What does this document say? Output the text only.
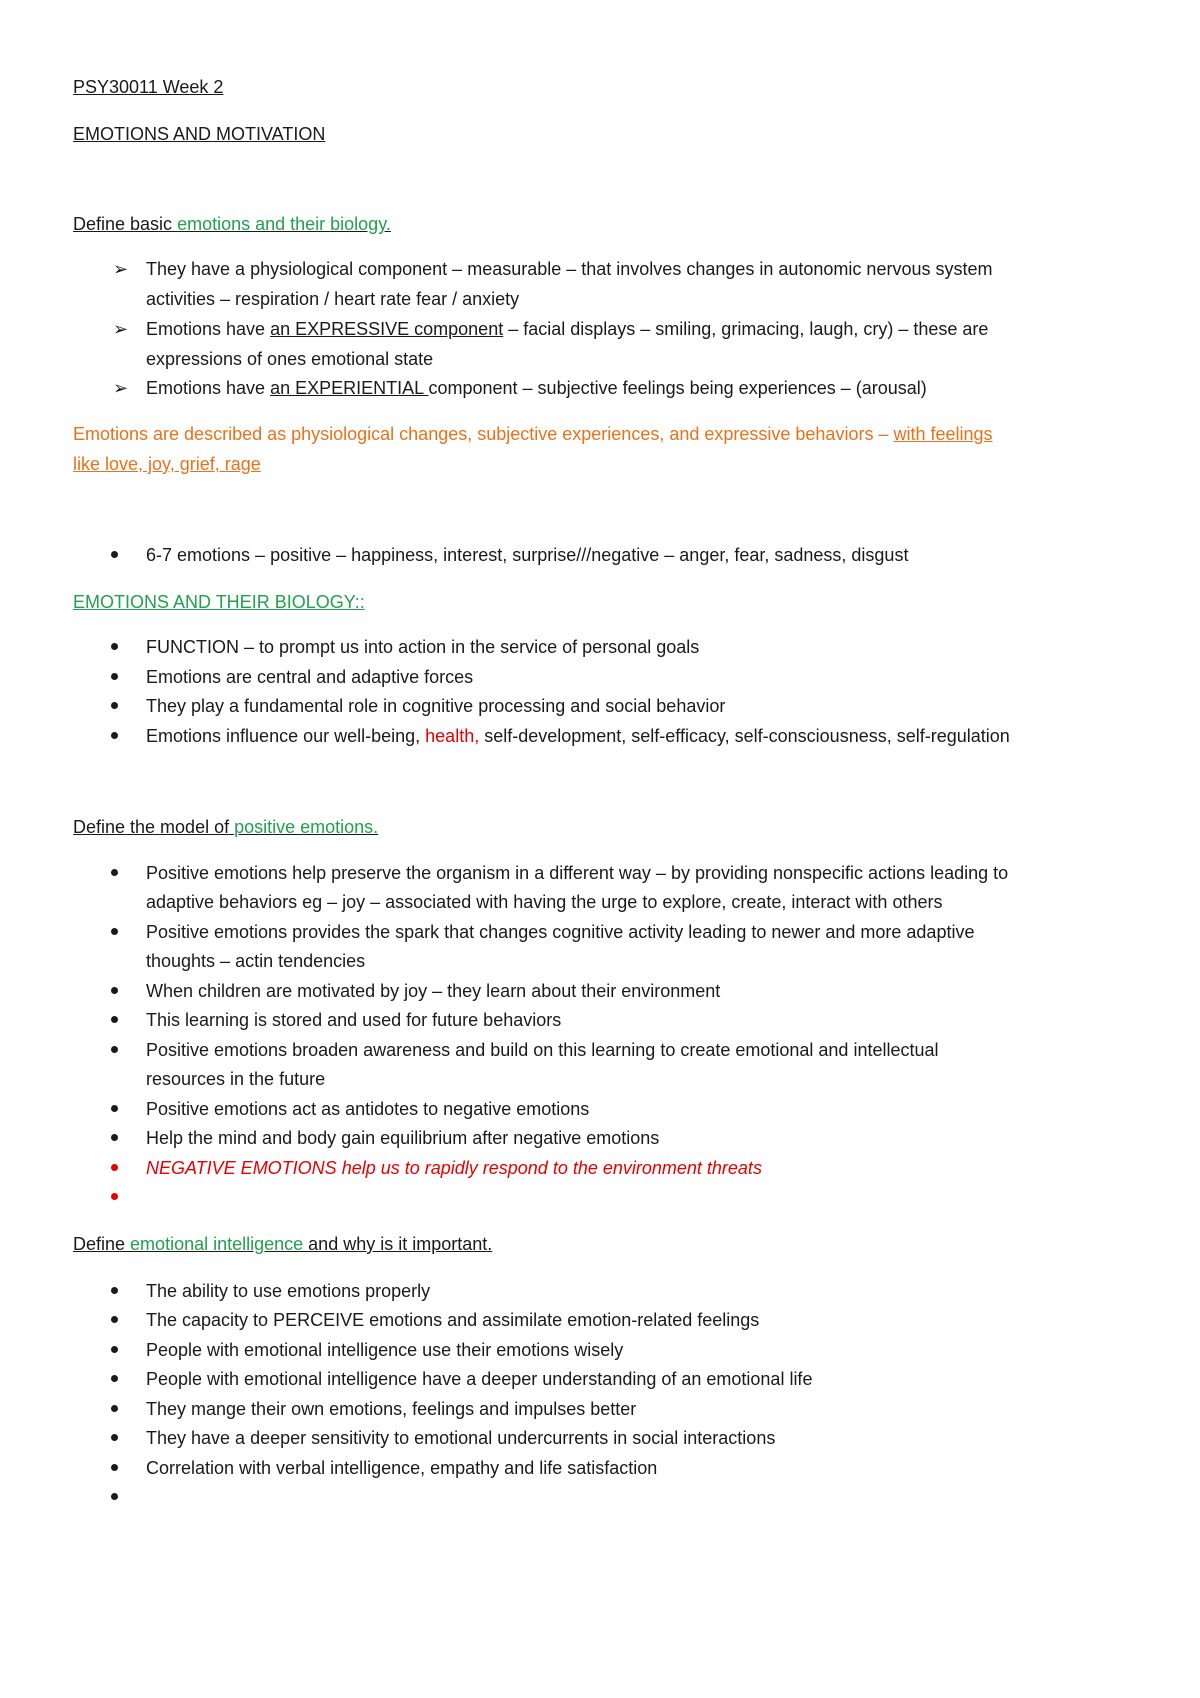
PSY30011 Week 2
EMOTIONS AND MOTIVATION
Define basic emotions and their biology.
➢ They have a physiological component – measurable – that involves changes in autonomic nervous system
activities – respiration / heart rate fear / anxiety
➢ Emotions have an EXPRESSIVE component – facial displays – smiling, grimacing, laugh, cry) – these are
expressions of ones emotional state
➢ Emotions have an EXPERIENTIAL component – subjective feelings being experiences – (arousal)
Emotions are described as physiological changes, subjective experiences, and expressive behaviors – with feelings
like love, joy, grief, rage
6-7 emotions – positive – happiness, interest, surprise///negative – anger, fear, sadness, disgust
EMOTIONS AND THEIR BIOLOGY::
FUNCTION – to prompt us into action in the service of personal goals
Emotions are central and adaptive forces
They play a fundamental role in cognitive processing and social behavior
Emotions influence our well-being, health, self-development, self-efficacy, self-consciousness, self-regulation
Define the model of positive emotions.
Positive emotions help preserve the organism in a different way – by providing nonspecific actions leading to
adaptive behaviors eg – joy – associated with having the urge to explore, create, interact with others
Positive emotions provides the spark that changes cognitive activity leading to newer and more adaptive
thoughts – actin tendencies
When children are motivated by joy – they learn about their environment
This learning is stored and used for future behaviors
Positive emotions broaden awareness and build on this learning to create emotional and intellectual
resources in the future
Positive emotions act as antidotes to negative emotions
Help the mind and body gain equilibrium after negative emotions
NEGATIVE EMOTIONS help us to rapidly respond to the environment threats
Define emotional intelligence and why is it important.
The ability to use emotions properly
The capacity to PERCEIVE emotions and assimilate emotion-related feelings
People with emotional intelligence use their emotions wisely
People with emotional intelligence have a deeper understanding of an emotional life
They mange their own emotions, feelings and impulses better
They have a deeper sensitivity to emotional undercurrents in social interactions
Correlation with verbal intelligence, empathy and life satisfaction
